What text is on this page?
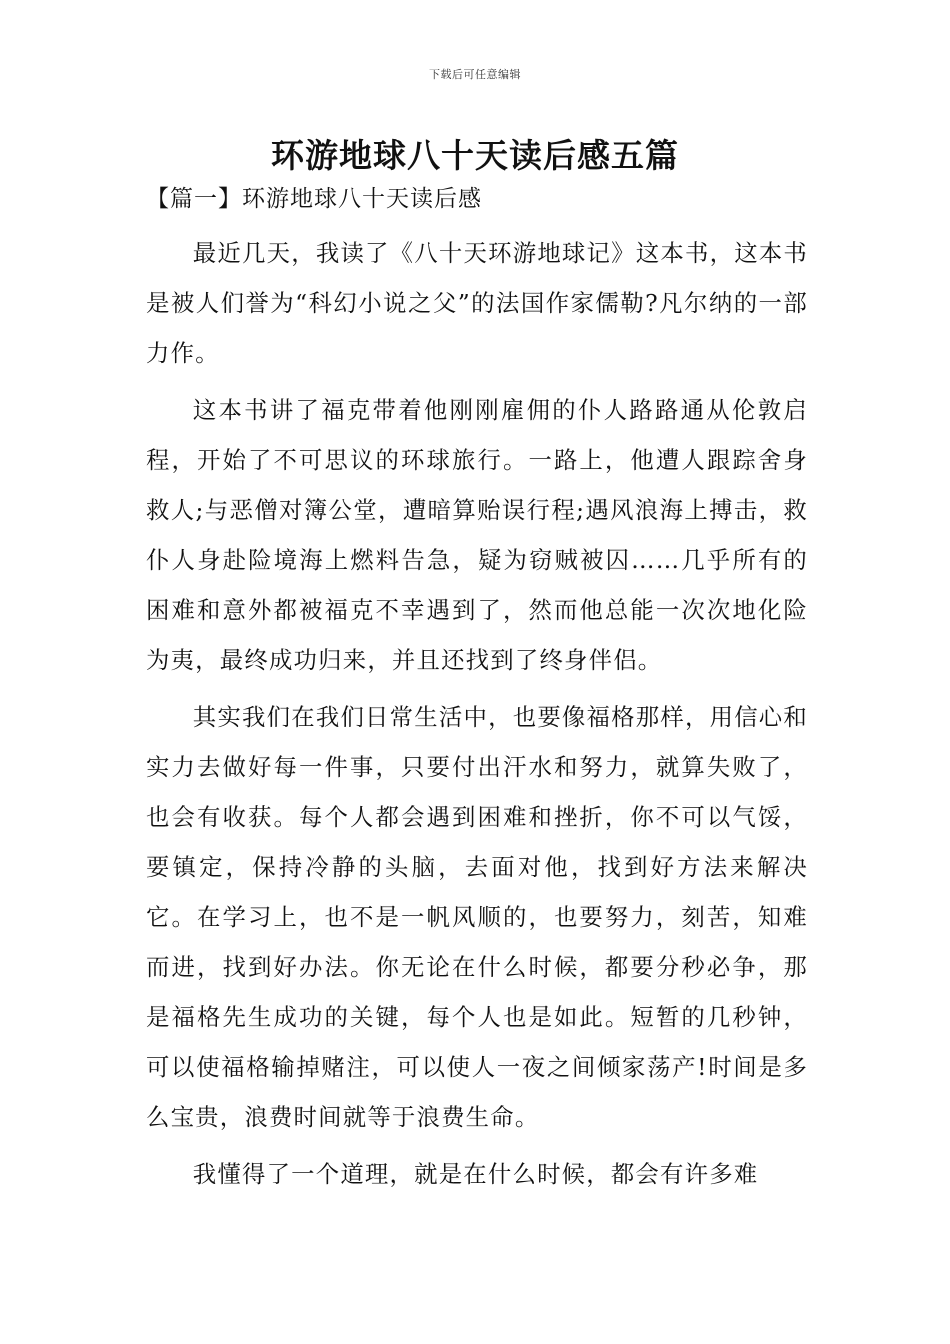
下载后可任意编辑
环游地球八十天读后感五篇
【篇一】环游地球八十天读后感

最近几天，我读了《八十天环游地球记》这本书，这本书是被人们誉为“科幻小说之父”的法国作家儒勒?凡尔纳的一部力作。

这本书讲了福克带着他刚刚雇佣的仆人路路通从伦敦启程，开始了不可思议的环球旅行。一路上，他遭人跟踪舍身救人;与恶僧对簿公堂，遭暗算贻误行程;遇风浪海上搏击，救仆人身赴险境海上燃料告急，疑为窃贼被囚……几乎所有的困难和意外都被福克不幸遇到了，然而他总能一次次地化险为夷，最终成功归来，并且还找到了终身伴侣。

其实我们在我们日常生活中，也要像福格那样，用信心和实力去做好每一件事，只要付出汗水和努力，就算失败了，也会有收获。每个人都会遇到困难和挫折，你不可以气馁，要镇定，保持冷静的头脑，去面对他，找到好方法来解决它。在学习上，也不是一帆风顺的，也要努力，刻苦，知难而进，找到好办法。你无论在什么时候，都要分秒必争，那是福格先生成功的关键，每个人也是如此。短暂的几秒钟，可以使福格输掉赌注，可以使人一夜之间倾家荡产!时间是多么宝贵，浪费时间就等于浪费生命。

我懂得了一个道理，就是在什么时候，都会有许多难
